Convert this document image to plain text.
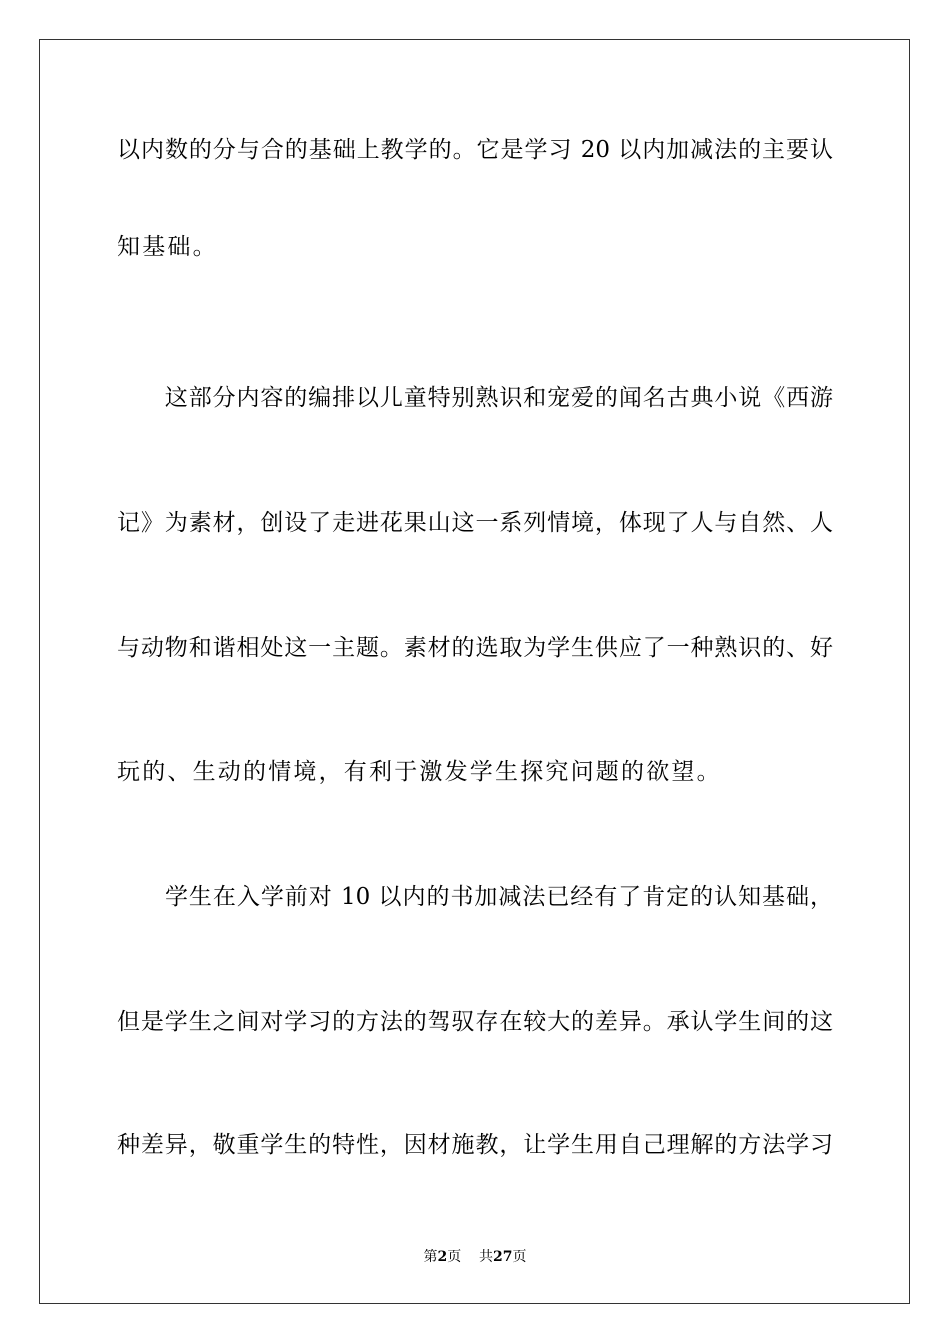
以内数的分与合的基础上教学的。它是学习 20 以内加减法的主要认
知基础。
　　这部分内容的编排以儿童特别熟识和宠爱的闻名古典小说《西游
记》为素材，创设了走进花果山这一系列情境，体现了人与自然、人
与动物和谐相处这一主题。素材的选取为学生供应了一种熟识的、好
玩的、生动的情境，有利于激发学生探究问题的欲望。
　　学生在入学前对 10 以内的书加减法已经有了肯定的认知基础，
但是学生之间对学习的方法的驾驭存在较大的差异。承认学生间的这
种差异，敬重学生的特性，因材施教，让学生用自己理解的方法学习
第2页 共27页
